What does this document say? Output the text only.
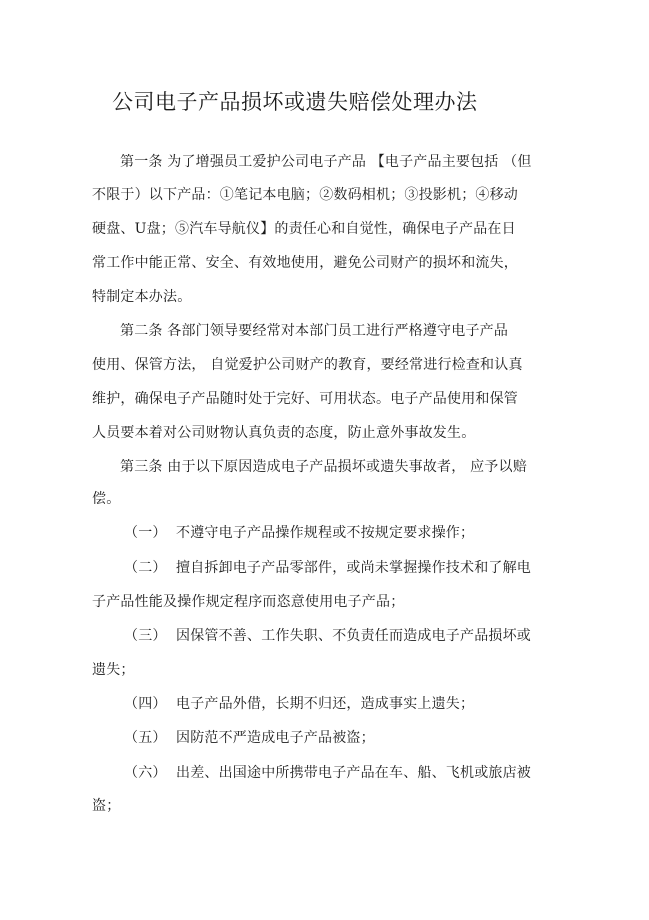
公司电子产品损坏或遗失赔偿处理办法
第一条 为了增强员工爱护公司电子产品 【电子产品主要包括 （但
不限于）以下产品：①笔记本电脑；②数码相机；③投影机；④移动
硬盘、U盘；⑤汽车导航仪】的责任心和自觉性，确保电子产品在日
常工作中能正常、安全、有效地使用，避免公司财产的损坏和流失，
特制定本办法。
第二条 各部门领导要经常对本部门员工进行严格遵守电子产品
使用、保管方法， 自觉爱护公司财产的教育，要经常进行检查和认真
维护，确保电子产品随时处于完好、可用状态。电子产品使用和保管
人员要本着对公司财物认真负责的态度，防止意外事故发生。
第三条 由于以下原因造成电子产品损坏或遗失事故者， 应予以赔
偿。
（一） 不遵守电子产品操作规程或不按规定要求操作；
（二） 擅自拆卸电子产品零部件，或尚未掌握操作技术和了解电
子产品性能及操作规定程序而恣意使用电子产品；
（三） 因保管不善、工作失职、不负责任而造成电子产品损坏或
遗失；
（四） 电子产品外借，长期不归还，造成事实上遗失；
（五） 因防范不严造成电子产品被盗；
（六） 出差、出国途中所携带电子产品在车、船、飞机或旅店被
盗；
